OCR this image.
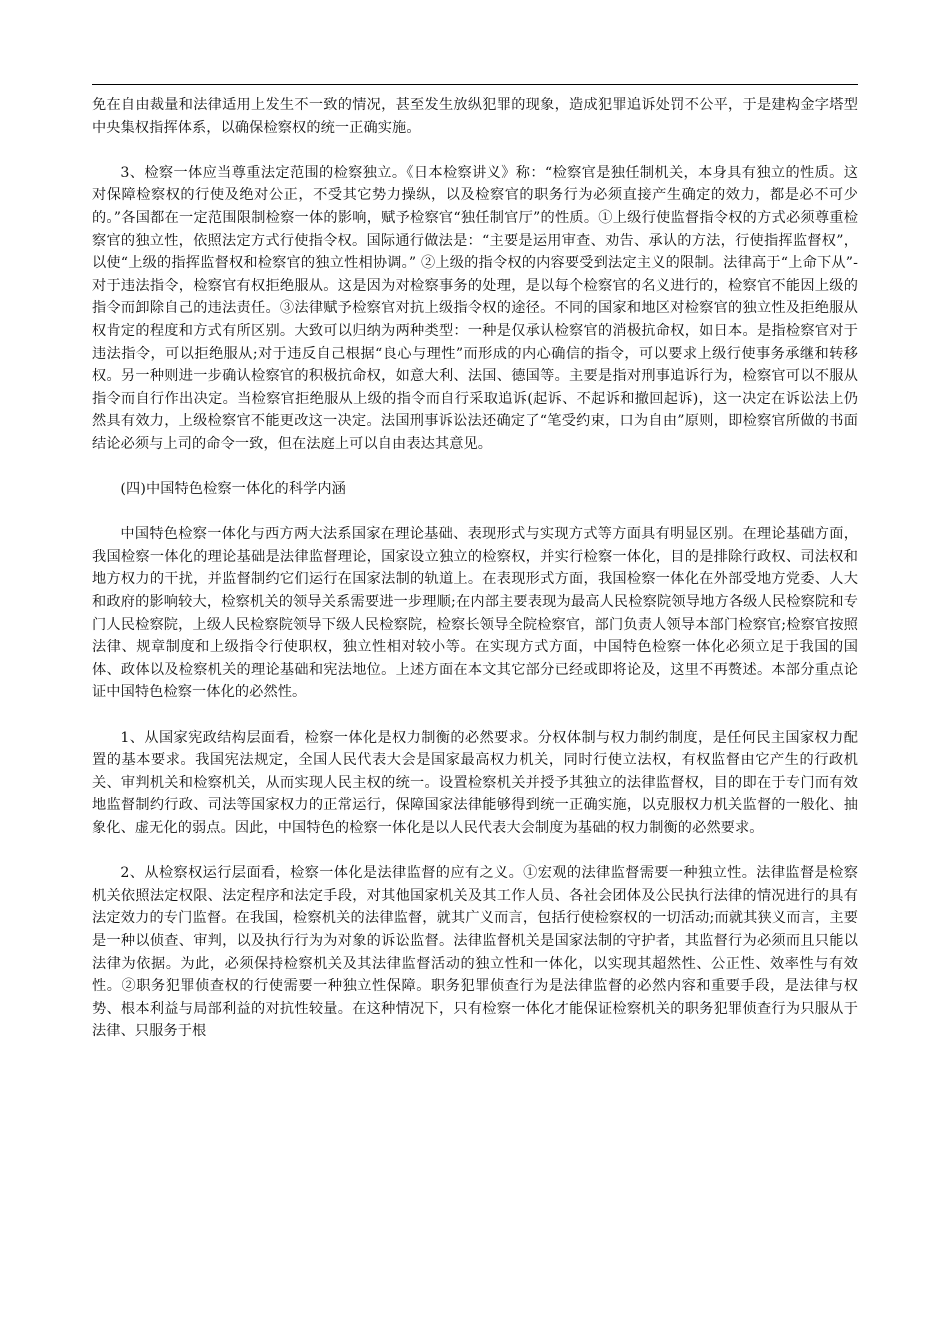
免在自由裁量和法律适用上发生不一致的情况，甚至发生放纵犯罪的现象，造成犯罪追诉处罚不公平，于是建构金字塔型中央集权指挥体系，以确保检察权的统一正确实施。

3、检察一体应当尊重法定范围的检察独立。《日本检察讲义》称：“检察官是独任制机关，本身具有独立的性质。这对保障检察权的行使及绝对公正，不受其它势力操纵，以及检察官的职务行为必须直接产生确定的效力，都是必不可少的。”各国都在一定范围限制检察一体的影响，赋予检察官“独任制官厅”的性质。①上级行使监督指令权的方式必须尊重检察官的独立性，依照法定方式行使指令权。国际通行做法是：“主要是运用审查、劝告、承认的方法，行使指挥监督权”，以使“上级的指挥监督权和检察官的独立性相协调。” ②上级的指令权的内容要受到法定主义的限制。法律高于“上命下从”-对于违法指令，检察官有权拒绝服从。这是因为对检察事务的处理，是以每个检察官的名义进行的，检察官不能因上级的指令而卸除自己的违法责任。③法律赋予检察官对抗上级指令权的途径。不同的国家和地区对检察官的独立性及拒绝服从权肯定的程度和方式有所区别。大致可以归纳为两种类型：一种是仅承认检察官的消极抗命权，如日本。是指检察官对于违法指令，可以拒绝服从;对于违反自己根据“良心与理性”而形成的内心确信的指令，可以要求上级行使事务承继和转移权。另一种则进一步确认检察官的积极抗命权，如意大利、法国、德国等。主要是指对刑事追诉行为，检察官可以不服从指令而自行作出决定。当检察官拒绝服从上级的指令而自行采取追诉(起诉、不起诉和撤回起诉)，这一决定在诉讼法上仍然具有效力，上级检察官不能更改这一决定。法国刑事诉讼法还确定了“笔受约束，口为自由”原则，即检察官所做的书面结论必须与上司的命令一致，但在法庭上可以自由表达其意见。

(四)中国特色检察一体化的科学内涵

中国特色检察一体化与西方两大法系国家在理论基础、表现形式与实现方式等方面具有明显区别。在理论基础方面，我国检察一体化的理论基础是法律监督理论，国家设立独立的检察权，并实行检察一体化，目的是排除行政权、司法权和地方权力的干扰，并监督制约它们运行在国家法制的轨道上。在表现形式方面，我国检察一体化在外部受地方党委、人大和政府的影响较大，检察机关的领导关系需要进一步理顺;在内部主要表现为最高人民检察院领导地方各级人民检察院和专门人民检察院，上级人民检察院领导下级人民检察院，检察长领导全院检察官，部门负责人领导本部门检察官;检察官按照法律、规章制度和上级指令行使职权，独立性相对较小等。在实现方式方面，中国特色检察一体化必须立足于我国的国体、政体以及检察机关的理论基础和宪法地位。上述方面在本文其它部分已经或即将论及，这里不再赘述。本部分重点论证中国特色检察一体化的必然性。

1、从国家宪政结构层面看，检察一体化是权力制衡的必然要求。分权体制与权力制约制度，是任何民主国家权力配置的基本要求。我国宪法规定，全国人民代表大会是国家最高权力机关，同时行使立法权，有权监督由它产生的行政机关、审判机关和检察机关，从而实现人民主权的统一。设置检察机关并授予其独立的法律监督权，目的即在于专门而有效地监督制约行政、司法等国家权力的正常运行，保障国家法律能够得到统一正确实施，以克服权力机关监督的一般化、抽象化、虚无化的弱点。因此，中国特色的检察一体化是以人民代表大会制度为基础的权力制衡的必然要求。

2、从检察权运行层面看，检察一体化是法律监督的应有之义。①宏观的法律监督需要一种独立性。法律监督是检察机关依照法定权限、法定程序和法定手段，对其他国家机关及其工作人员、各社会团体及公民执行法律的情况进行的具有法定效力的专门监督。在我国，检察机关的法律监督，就其广义而言，包括行使检察权的一切活动;而就其狭义而言，主要是一种以侦查、审判，以及执行行为为对象的诉讼监督。法律监督机关是国家法制的守护者，其监督行为必须而且只能以法律为依据。为此，必须保持检察机关及其法律监督活动的独立性和一体化，以实现其超然性、公正性、效率性与有效性。②职务犯罪侦查权的行使需要一种独立性保障。职务犯罪侦查行为是法律监督的必然内容和重要手段，是法律与权势、根本利益与局部利益的对抗性较量。在这种情况下，只有检察一体化才能保证检察机关的职务犯罪侦查行为只服从于法律、只服务于根
